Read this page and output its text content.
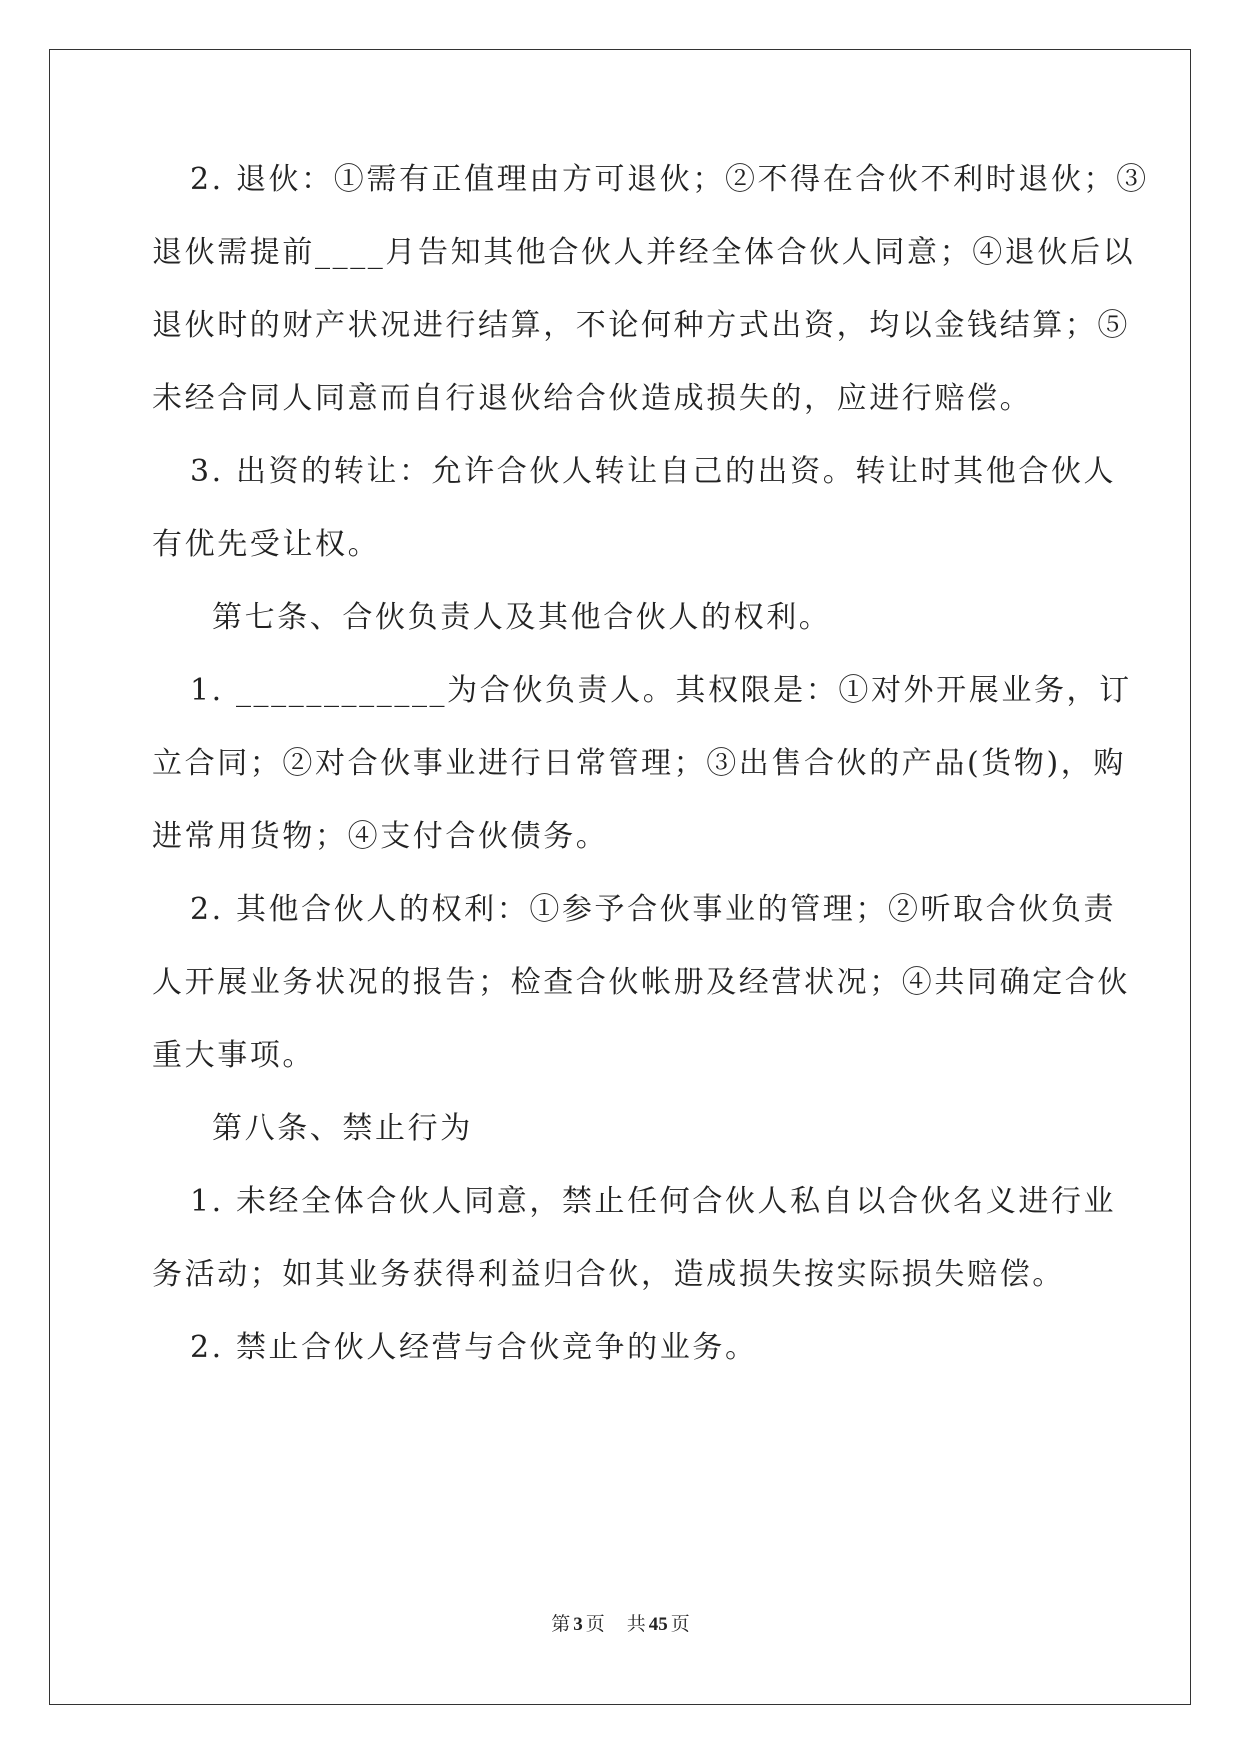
2. 退伙：①需有正值理由方可退伙；②不得在合伙不利时退伙；③
退伙需提前____月告知其他合伙人并经全体合伙人同意；④退伙后以
退伙时的财产状况进行结算，不论何种方式出资，均以金钱结算；⑤
未经合同人同意而自行退伙给合伙造成损失的，应进行赔偿。
3. 出资的转让：允许合伙人转让自己的出资。转让时其他合伙人
有优先受让权。
第七条、合伙负责人及其他合伙人的权利。
1. ____________为合伙负责人。其权限是：①对外开展业务，订
立合同；②对合伙事业进行日常管理；③出售合伙的产品(货物)，购
进常用货物；④支付合伙债务。
2. 其他合伙人的权利：①参予合伙事业的管理；②听取合伙负责
人开展业务状况的报告；检查合伙帐册及经营状况；④共同确定合伙
重大事项。
第八条、禁止行为
1. 未经全体合伙人同意，禁止任何合伙人私自以合伙名义进行业
务活动；如其业务获得利益归合伙，造成损失按实际损失赔偿。
2. 禁止合伙人经营与合伙竞争的业务。
第 3 页 共 45 页
